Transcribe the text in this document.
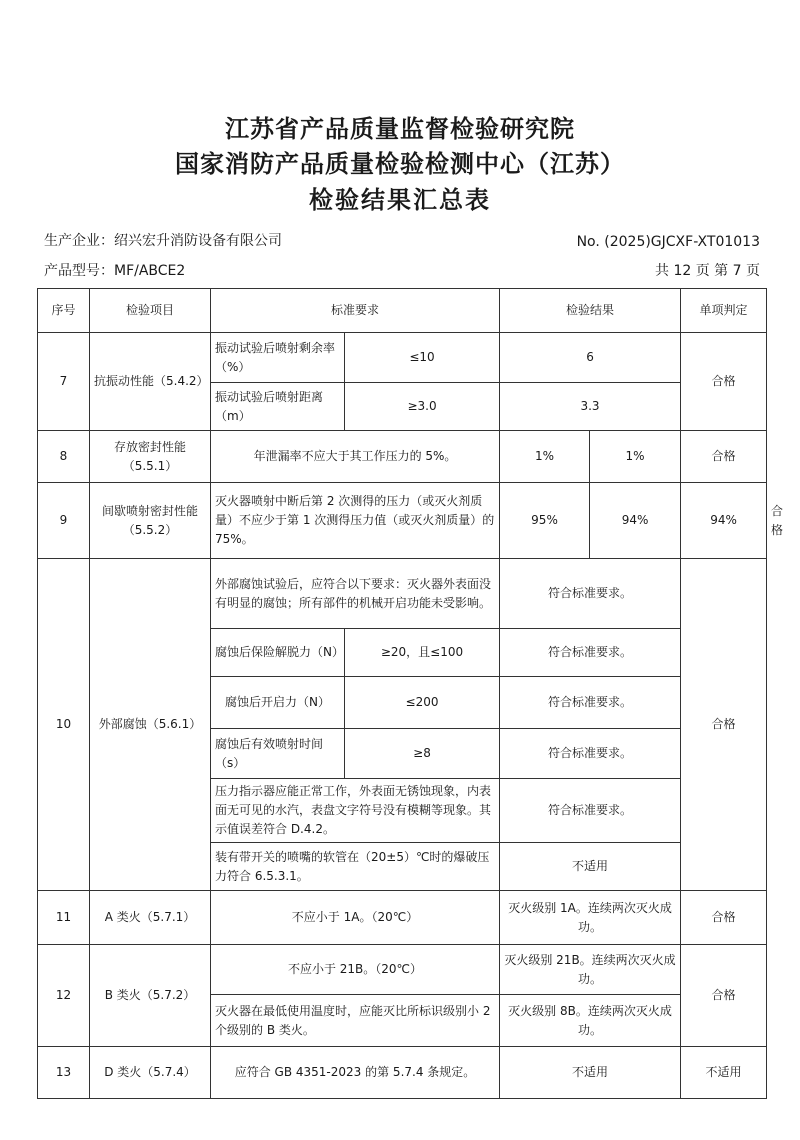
江苏省产品质量监督检验研究院
国家消防产品质量检验检测中心（江苏）
检验结果汇总表
生产企业：绍兴宏升消防设备有限公司	No. (2025)GJCXF-XT01013
产品型号：MF/ABCE2	共 12 页 第 7 页
序号	检验项目	标准要求		检验结果		单项判定	
7	抗振动性能（5.4.2）	振动试验后喷射剩余率（%）	≤10	6		合格	
		振动试验后喷射距离（m）	≥3.0	3.3			
8	存放密封性能（5.5.1）	年泄漏率不应大于其工作压力的 5%。		1%	1%	合格	
9	间歇喷射密封性能（5.5.2）	灭火器喷射中断后第 2 次测得的压力（或灭火剂质量）不应少于第 1 次测得压力值（或灭火剂质量）的 75%。		95%	94%	94%	合格
10	外部腐蚀（5.6.1）	外部腐蚀试验后，应符合以下要求：灭火器外表面没有明显的腐蚀；所有部件的机械开启功能未受影响。		符合标准要求。		合格	
		腐蚀后保险解脱力（N）	≥20，且≤100	符合标准要求。			
		腐蚀后开启力（N）	≤200	符合标准要求。			
		腐蚀后有效喷射时间（s）	≥8	符合标准要求。			
		压力指示器应能正常工作，外表面无锈蚀现象，内表面无可见的水汽，表盘文字符号没有模糊等现象。其示值误差符合 D.4.2。		符合标准要求。			
		装有带开关的喷嘴的软管在（20±5）℃时的爆破压力符合 6.5.3.1。		不适用			
11	A 类火（5.7.1）	不应小于 1A。（20℃）		灭火级别 1A。连续两次灭火成功。		合格	
12	B 类火（5.7.2）	不应小于 21B。（20℃）		灭火级别 21B。连续两次灭火成功。		合格	
		灭火器在最低使用温度时，应能灭比所标识级别小 2 个级别的 B 类火。		灭火级别 8B。连续两次灭火成功。			
13	D 类火（5.7.4）	应符合 GB 4351-2023 的第 5.7.4 条规定。		不适用		不适用	
